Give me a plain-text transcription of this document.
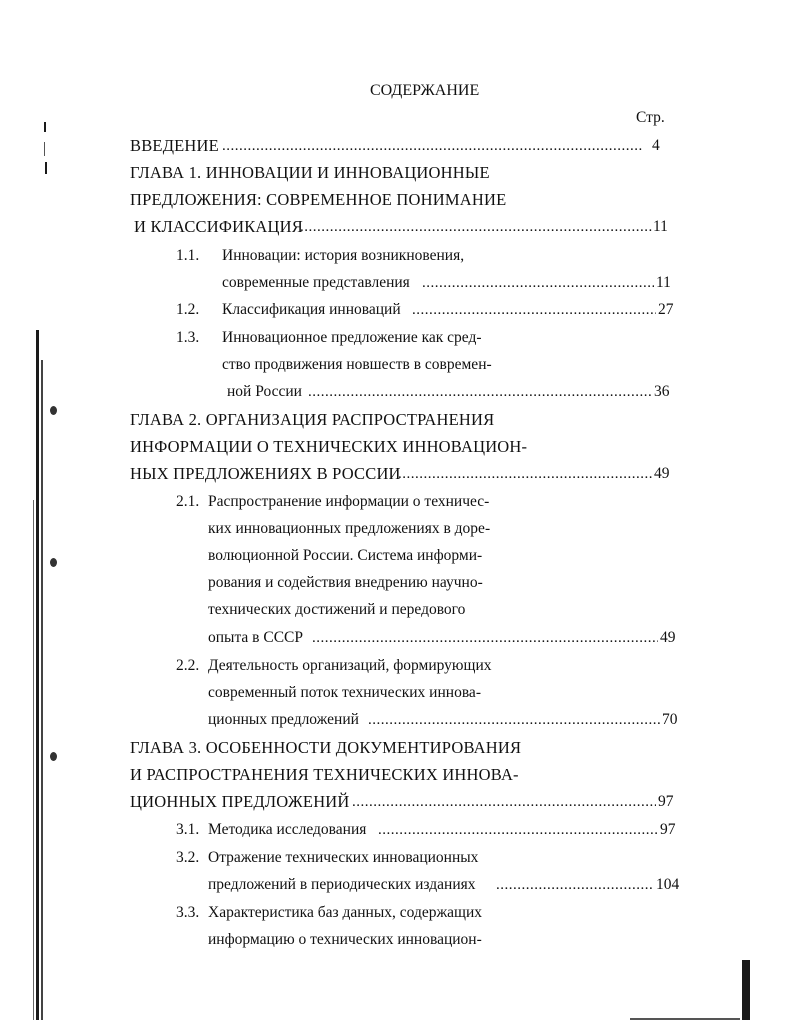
СОДЕРЖАНИЕ
Стр.
ВВЕДЕНИЕ .....	4
ГЛАВА 1. ИННОВАЦИИ И ИННОВАЦИОННЫЕ
ПРЕДЛОЖЕНИЯ: СОВРЕМЕННОЕ ПОНИМАНИЕ
И КЛАССИФИКАЦИЯ .....	11
1.1. Инновации: история возникновения,
современные представления .....	11
1.2. Классификация инноваций .....	27
1.3. Инновационное предложение как сред-
ство продвижения новшеств в современ-
ной России .....	36
ГЛАВА 2. ОРГАНИЗАЦИЯ РАСПРОСТРАНЕНИЯ
ИНФОРМАЦИИ О ТЕХНИЧЕСКИХ ИННОВАЦИОН-
НЫХ ПРЕДЛОЖЕНИЯХ В РОССИИ .....	49
2.1. Распространение информации о техничес-
ких инновационных предложениях в доре-
волюционной России. Система информи-
рования и содействия внедрению научно-
технических достижений и передового
опыта в СССР .....	49
2.2. Деятельность организаций, формирующих
современный поток технических иннова-
ционных предложений .....	70
ГЛАВА 3. ОСОБЕННОСТИ ДОКУМЕНТИРОВАНИЯ
И РАСПРОСТРАНЕНИЯ ТЕХНИЧЕСКИХ ИННОВА-
ЦИОННЫХ ПРЕДЛОЖЕНИЙ .....	97
3.1. Методика исследования .....	97
3.2. Отражение технических инновационных
предложений в периодических изданиях .....	104
3.3. Характеристика баз данных, содержащих
информацию о технических инновацион-
